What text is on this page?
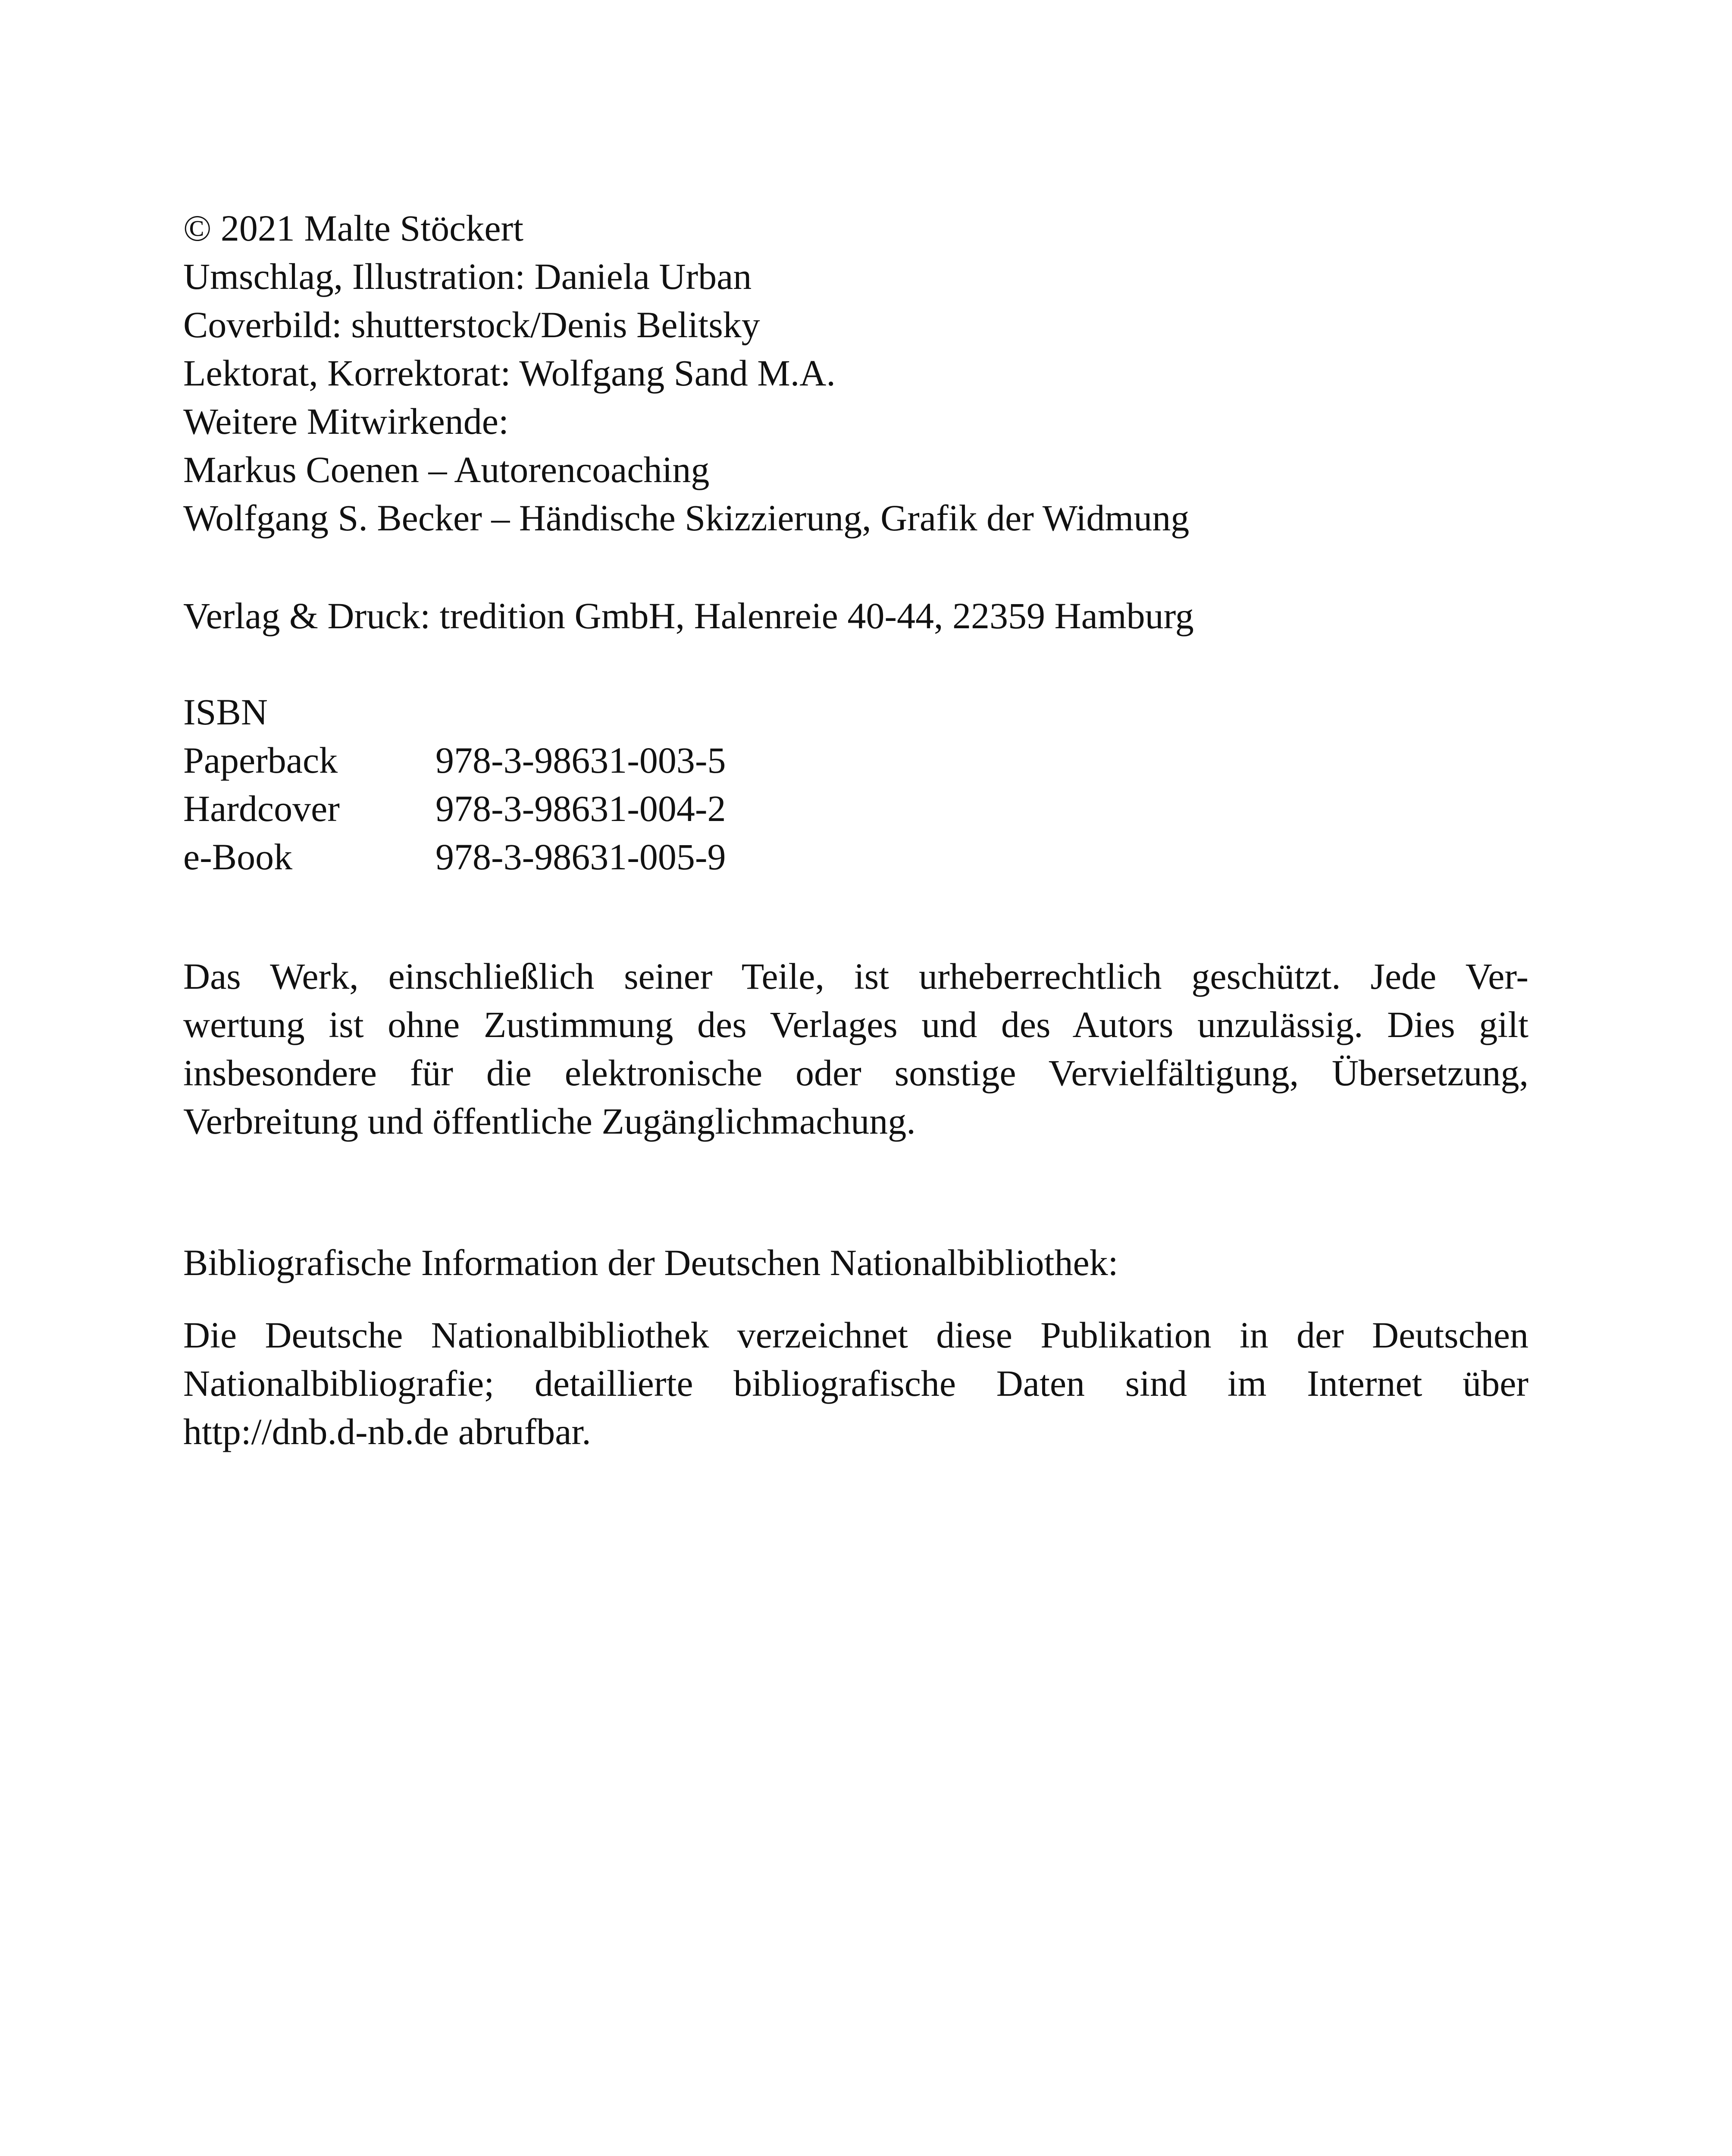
© 2021 Malte Stöckert
Umschlag, Illustration: Daniela Urban
Coverbild: shutterstock/Denis Belitsky
Lektorat, Korrektorat: Wolfgang Sand M.A.
Weitere Mitwirkende:
Markus Coenen – Autorencoaching
Wolfgang S. Becker – Händische Skizzierung, Grafik der Widmung
Verlag & Druck: tredition GmbH, Halenreie 40-44, 22359 Hamburg
ISBN
Paperback	978-3-98631-003-5
Hardcover	978-3-98631-004-2
e-Book	978-3-98631-005-9
Das Werk, einschließlich seiner Teile, ist urheberrechtlich geschützt. Jede Ver-
wertung ist ohne Zustimmung des Verlages und des Autors unzulässig. Dies gilt
insbesondere für die elektronische oder sonstige Vervielfältigung, Übersetzung,
Verbreitung und öffentliche Zugänglichmachung.
Bibliografische Information der Deutschen Nationalbibliothek:
Die Deutsche Nationalbibliothek verzeichnet diese Publikation in der Deutschen
Nationalbibliografie; detaillierte bibliografische Daten sind im Internet über
http://dnb.d-nb.de abrufbar.
